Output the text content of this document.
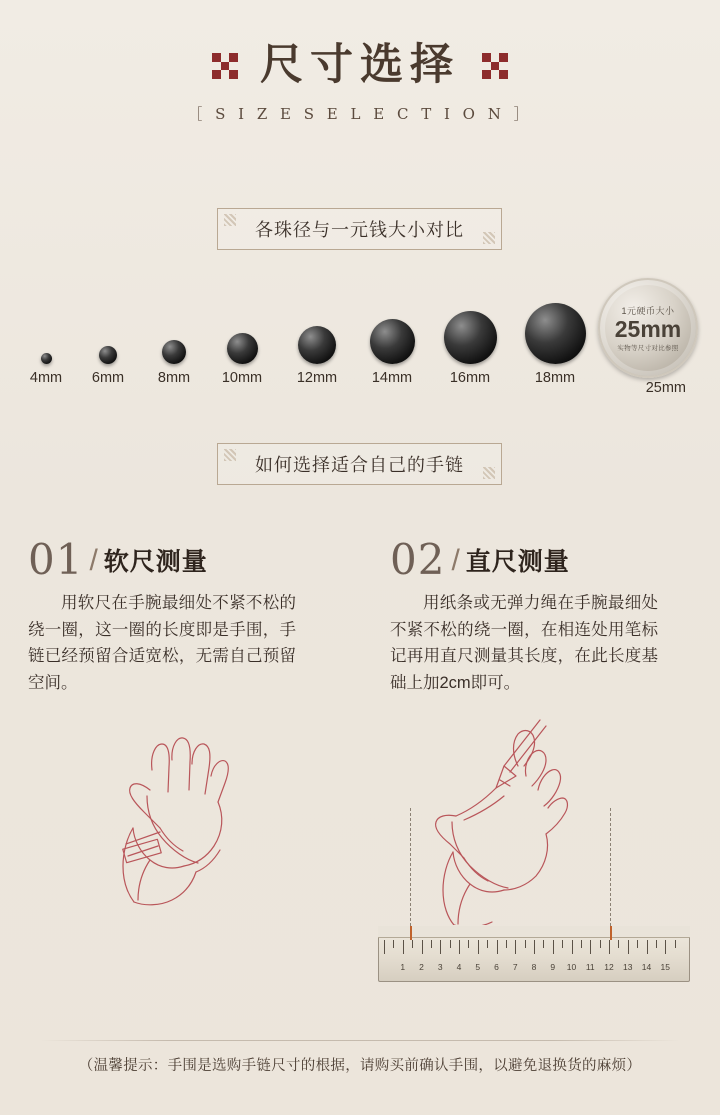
尺寸选择
［ S I Z E S E L E C T I O N ］
各珠径与一元钱大小对比
4mm	6mm	8mm	10mm	12mm	14mm	16mm	18mm
1元硬币大小
25mm
实物等尺寸对比参照
25mm
如何选择适合自己的手链
01 / 软尺测量
用软尺在手腕最细处不紧不松的绕一圈，这一圈的长度即是手围，手链已经预留合适宽松，无需自己预留空间。
02 / 直尺测量
用纸条或无弹力绳在手腕最细处不紧不松的绕一圈，在相连处用笔标记再用直尺测量其长度，在此长度基础上加2cm即可。
1 2 3 4 5 6 7 8 9 10 11 12 13 14 15
（温馨提示：手围是选购手链尺寸的根据，请购买前确认手围，以避免退换货的麻烦）
